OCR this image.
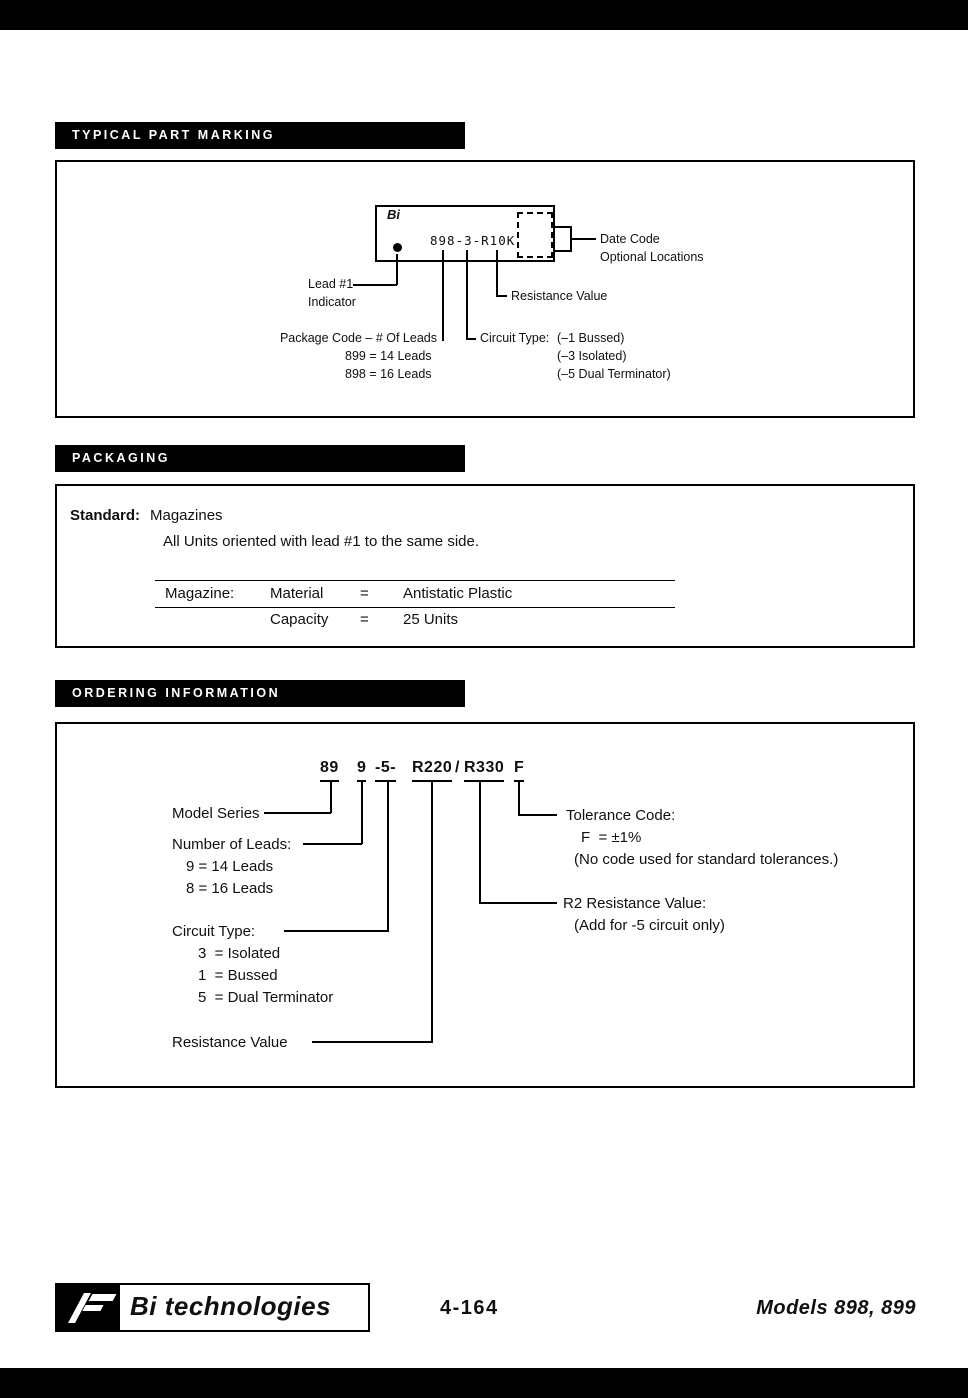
TYPICAL PART MARKING
Bi
898-3-R10K	Date Code
Optional Locations
Lead #1
Indicator	Resistance Value
Package Code – # Of Leads
899 = 14 Leads
898 = 16 Leads
Circuit Type: (–1 Bussed)
(–3 Isolated)
(–5 Dual Terminator)
PACKAGING
Standard: Magazines
All Units oriented with lead #1 to the same side.
Magazine: Material = Antistatic Plastic
Capacity = 25 Units
ORDERING INFORMATION
89 9 -5- R220 / R330 F
Model Series
Number of Leads:
9 = 14 Leads
8 = 16 Leads
Circuit Type:
3  = Isolated
1  = Bussed
5  = Dual Terminator
Resistance Value
Tolerance Code:
F  = ±1%
(No code used for standard tolerances.)
R2 Resistance Value:
(Add for -5 circuit only)
Bi technologies	4-164	Models 898, 899
